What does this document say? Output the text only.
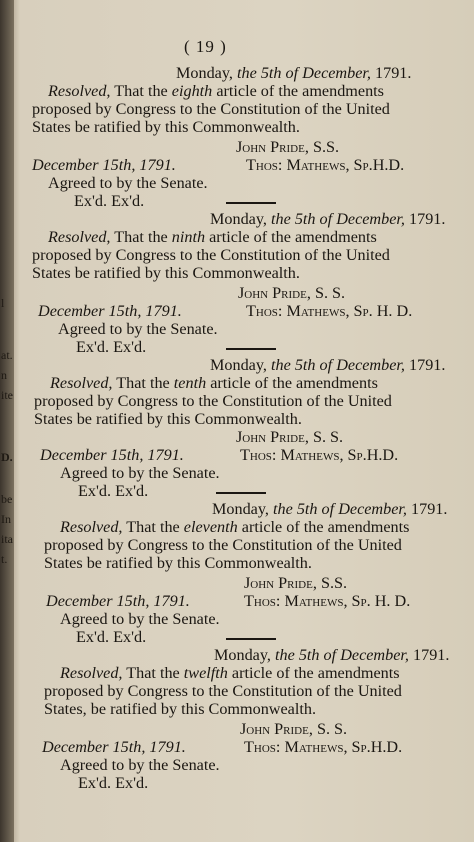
l
at.
n
ite
D.
be
In
ita
t.
( 19 )
Monday, the 5th of December, 1791.
Resolved, That the eighth article of the amendments
proposed by Congress to the Constitution of the United
States be ratified by this Commonwealth.
John Pride, S.S.
December 15th, 1791.	Thos: Mathews, Sp.H.D.
Agreed to by the Senate.
Ex'd. Ex'd.
Monday, the 5th of December, 1791.
Resolved, That the ninth article of the amendments
proposed by Congress to the Constitution of the United
States be ratified by this Commonwealth.
John Pride, S. S.
December 15th, 1791.	Thos: Mathews, Sp. H. D.
Agreed to by the Senate.
Ex'd. Ex'd.
Monday, the 5th of December, 1791.
Resolved, That the tenth article of the amendments
proposed by Congress to the Constitution of the United
States be ratified by this Commonwealth.
John Pride, S. S.
December 15th, 1791.	Thos: Mathews, Sp.H.D.
Agreed to by the Senate.
Ex'd. Ex'd.
Monday, the 5th of December, 1791.
Resolved, That the eleventh article of the amendments
proposed by Congress to the Constitution of the United
States be ratified by this Commonwealth.
John Pride, S.S.
December 15th, 1791.	Thos: Mathews, Sp. H. D.
Agreed to by the Senate.
Ex'd. Ex'd.
Monday, the 5th of December, 1791.
Resolved, That the twelfth article of the amendments
proposed by Congress to the Constitution of the United
States, be ratified by this Commonwealth.
John Pride, S. S.
December 15th, 1791.	Thos: Mathews, Sp.H.D.
Agreed to by the Senate.
Ex'd. Ex'd.
